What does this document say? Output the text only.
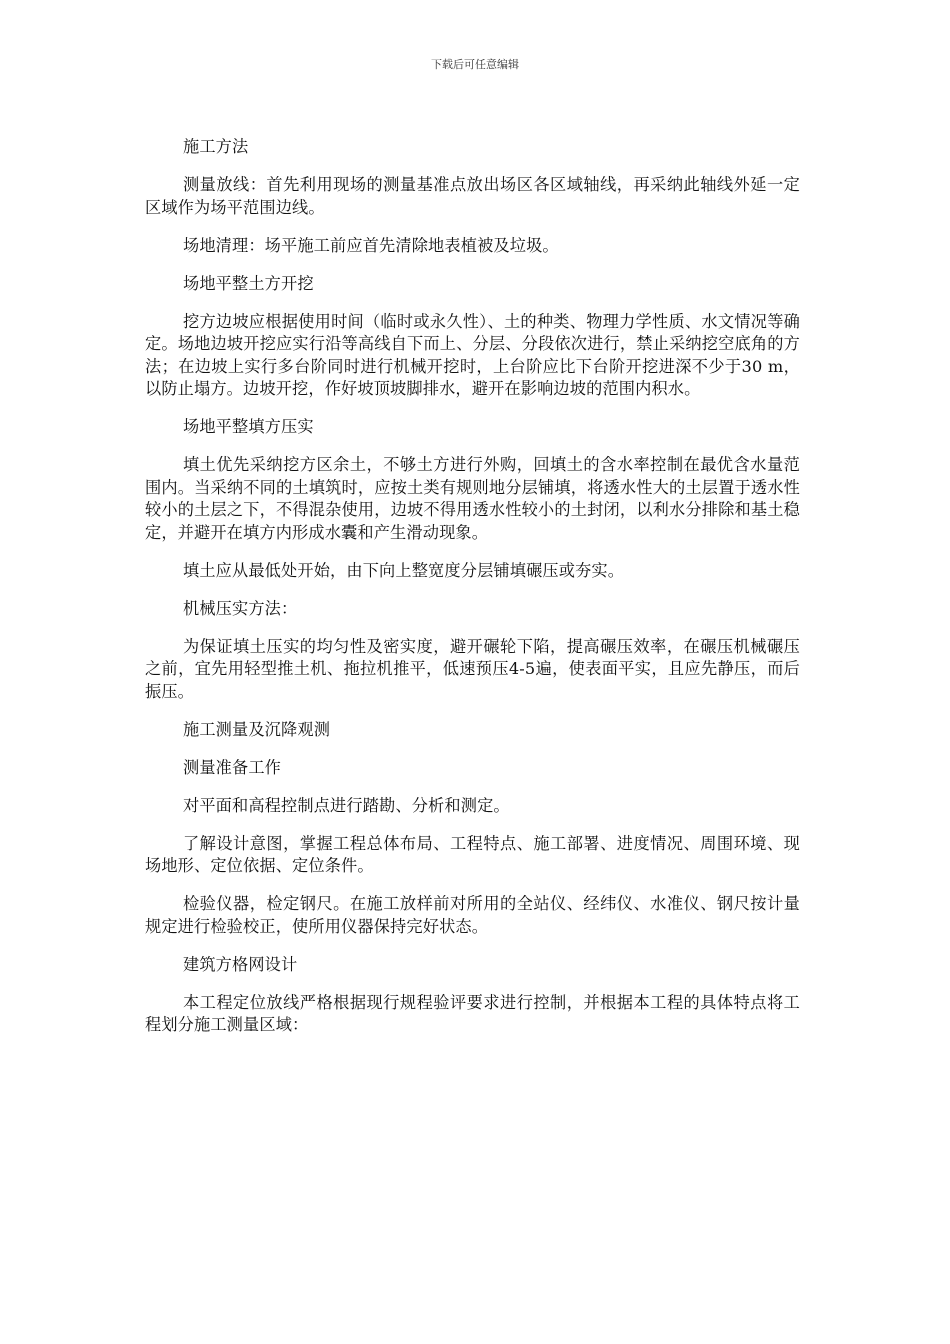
下载后可任意编辑

施工方法

测量放线：首先利用现场的测量基准点放出场区各区域轴线，再采纳此轴线外延一定区域作为场平范围边线。

场地清理：场平施工前应首先清除地表植被及垃圾。

场地平整土方开挖

挖方边坡应根据使用时间（临时或永久性）、土的种类、物理力学性质、水文情况等确定。场地边坡开挖应实行沿等高线自下而上、分层、分段依次进行，禁止采纳挖空底角的方法；在边坡上实行多台阶同时进行机械开挖时，上台阶应比下台阶开挖进深不少于30 m，以防止塌方。边坡开挖，作好坡顶坡脚排水，避开在影响边坡的范围内积水。

场地平整填方压实

填土优先采纳挖方区余土，不够土方进行外购，回填土的含水率控制在最优含水量范围内。当采纳不同的土填筑时，应按土类有规则地分层铺填，将透水性大的土层置于透水性较小的土层之下，不得混杂使用，边坡不得用透水性较小的土封闭，以利水分排除和基土稳定，并避开在填方内形成水囊和产生滑动现象。

填土应从最低处开始，由下向上整宽度分层铺填碾压或夯实。

机械压实方法：

为保证填土压实的均匀性及密实度，避开碾轮下陷，提高碾压效率，在碾压机械碾压之前，宜先用轻型推土机、拖拉机推平，低速预压4-5遍，使表面平实，且应先静压，而后振压。

施工测量及沉降观测

测量准备工作

对平面和高程控制点进行踏勘、分析和测定。

了解设计意图，掌握工程总体布局、工程特点、施工部署、进度情况、周围环境、现场地形、定位依据、定位条件。

检验仪器，检定钢尺。在施工放样前对所用的全站仪、经纬仪、水准仪、钢尺按计量规定进行检验校正，使所用仪器保持完好状态。

建筑方格网设计

本工程定位放线严格根据现行规程验评要求进行控制，并根据本工程的具体特点将工程划分施工测量区域：
